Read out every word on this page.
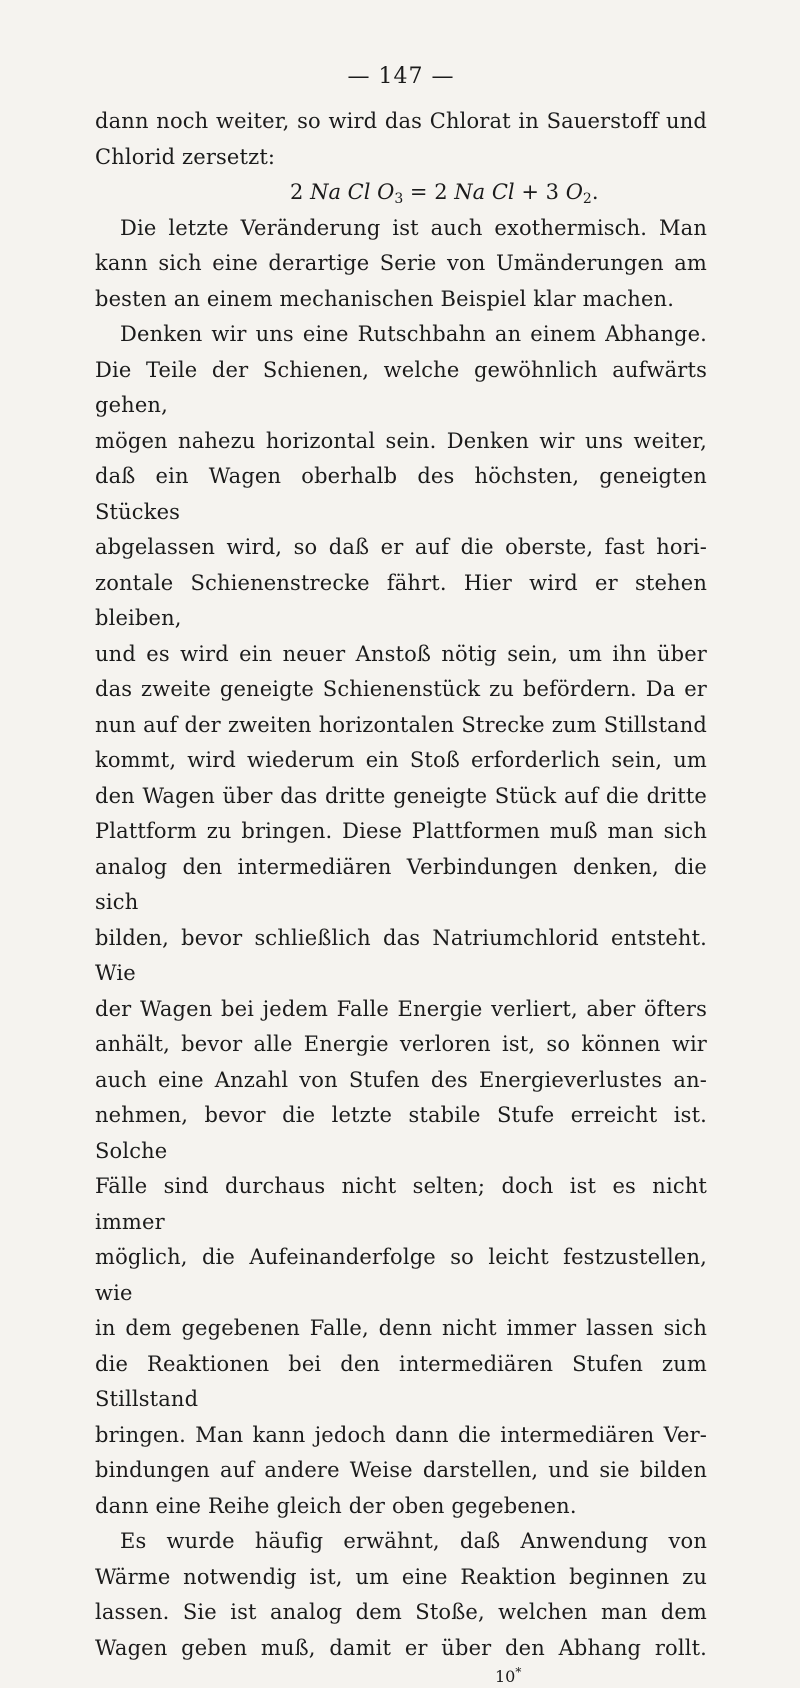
— 147 —

dann noch weiter, so wird das Chlorat in Sauerstoff und

Chlorid zersetzt:

2 Na Cl $O_3 = 2$ Na Cl + 3 $O_2$.

Die letzte Veränderung ist auch exothermisch. Man

kann sich eine derartige Serie von Umänderungen am

besten an einem mechanischen Beispiel klar machen.

Denken wir uns eine Rutschbahn an einem Abhange.

Die Teile der Schienen, welche gewöhnlich aufwärts gehen,

mögen nahezu horizontal sein. Denken wir uns weiter,

daß ein Wagen oberhalb des höchsten, geneigten Stückes

abgelassen wird, so daß er auf die oberste, fast hori-

zontale Schienenstrecke fährt. Hier wird er stehen bleiben,

und es wird ein neuer Anstoß nötig sein, um ihn über

das zweite geneigte Schienenstück zu befördern. Da er

nun auf der zweiten horizontalen Strecke zum Stillstand

kommt, wird wiederum ein Stoß erforderlich sein, um

den Wagen über das dritte geneigte Stück auf die dritte

Plattform zu bringen. Diese Plattformen muß man sich

analog den intermediären Verbindungen denken, die sich

bilden, bevor schließlich das Natriumchlorid entsteht. Wie

der Wagen bei jedem Falle Energie verliert, aber öfters

anhält, bevor alle Energie verloren ist, so können wir

auch eine Anzahl von Stufen des Energieverlustes an-

nehmen, bevor die letzte stabile Stufe erreicht ist. Solche

Fälle sind durchaus nicht selten; doch ist es nicht immer

möglich, die Aufeinanderfolge so leicht festzustellen, wie

in dem gegebenen Falle, denn nicht immer lassen sich

die Reaktionen bei den intermediären Stufen zum Stillstand

bringen. Man kann jedoch dann die intermediären Ver-

bindungen auf andere Weise darstellen, und sie bilden

dann eine Reihe gleich der oben gegebenen.

Es wurde häufig erwähnt, daß Anwendung von

Wärme notwendig ist, um eine Reaktion beginnen zu

lassen. Sie ist analog dem Stoße, welchen man dem

Wagen geben muß, damit er über den Abhang rollt.

10*
